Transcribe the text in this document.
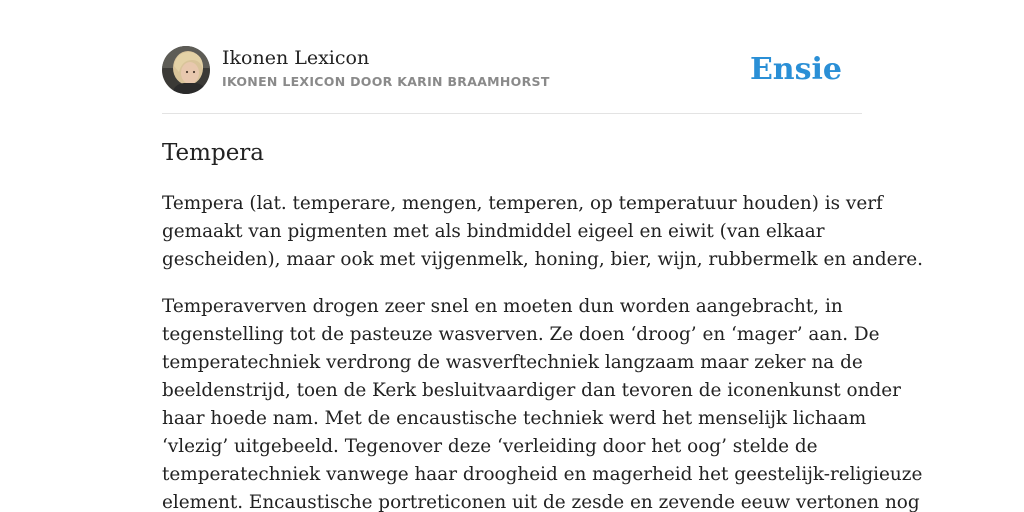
Ikonen Lexicon
IKONEN LEXICON DOOR KARIN BRAAMHORST	Ensie
Tempera

Tempera (lat. temperare, mengen, temperen, op temperatuur houden) is verf
gemaakt van pigmenten met als bindmiddel eigeel en eiwit (van elkaar
gescheiden), maar ook met vijgenmelk, honing, bier, wijn, rubbermelk en andere.

Temperaverven drogen zeer snel en moeten dun worden aangebracht, in
tegenstelling tot de pasteuze wasverven. Ze doen ‘droog’ en ‘mager’ aan. De
temperatechniek verdrong de wasverftechniek langzaam maar zeker na de
beeldenstrijd, toen de Kerk besluitvaardiger dan tevoren de iconenkunst onder
haar hoede nam. Met de encaustische techniek werd het menselijk lichaam
‘vlezig’ uitgebeeld. Tegenover deze ‘verleiding door het oog’ stelde de
temperatechniek vanwege haar droogheid en magerheid het geestelijk-religieuze
element. Encaustische portreticonen uit de zesde en zevende eeuw vertonen nog
